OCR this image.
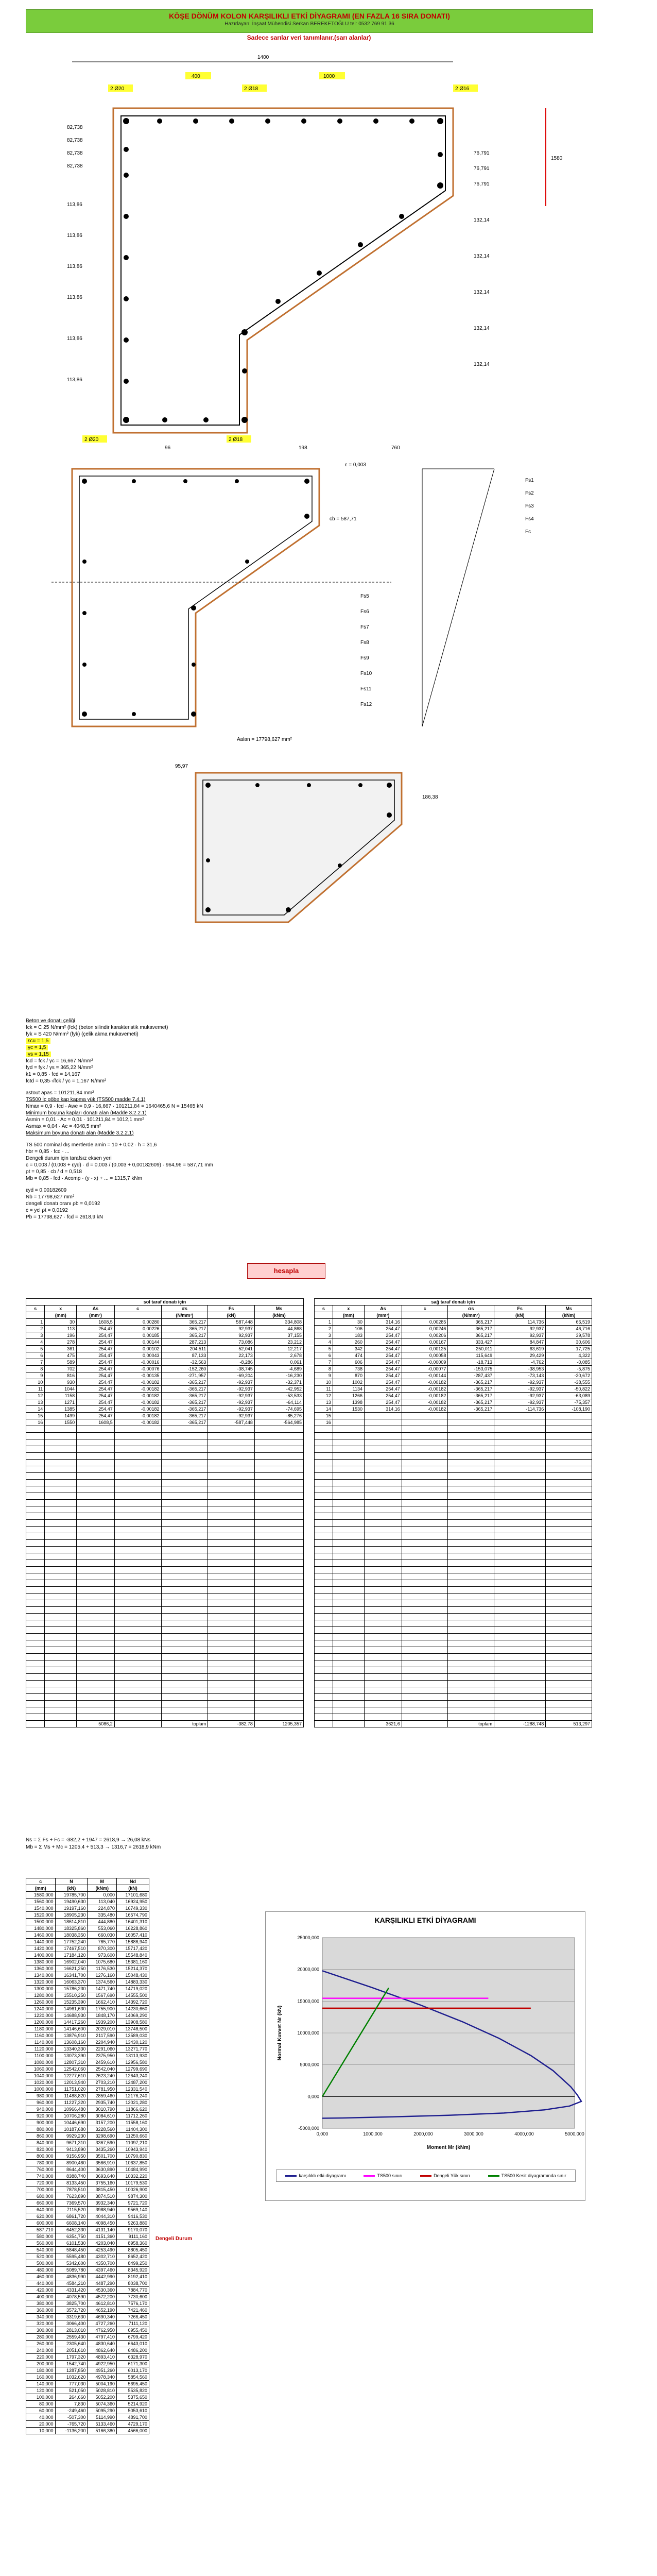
KÖŞE DÖNÜM KOLON KARŞILIKLI ETKİ DİYAGRAMI (EN FAZLA 16 SIRA DONATI)
Hazırlayan: İnşaat Mühendisi Serkan BEREKETOĞLU tel: 0532 769 91 36
Sadece sarılar veri tanımlanır.(sarı alanlar)
1400
400	1000
2 Ø20	2 Ø18	2 Ø16
82,738
82,738
82,738
82,738
113,86
113,86
113,86
113,86
113,86
113,86
76,791
76,791
76,791
132,14
132,14
132,14
132,14
132,14
1580
2 Ø20	2 Ø18
96	198	760
ε = 0,003
cb = 587,71
Fs1
Fs2
Fs3
Fs4
Fc
Fs5
Fs6
Fs7
Fs8
Fs9
Fs10
Fs11
Fs12
Aalan = 17798,627 mm²
95,97
186,38
Beton ve donatı çeliği
fck = C 25 N/mm² (fck) (beton silindir karakteristik mukavemet)
fyk = S 420 N/mm² (fyk) (çelik akma mukavemeti)
εcu = 1,5
γc = 1,5
γs = 1,15
fcd = fck / γc = 16,667 N/mm²
fyd = fyk / γs = 365,22 N/mm²
k1 = 0,85 · fcd = 14,167
fctd = 0,35·√fck / γc = 1,167 N/mm²
astout apas = 101211,84 mm²
TS500 İç göbe kap kapma yük (TS500 madde 7.4.1)
Nmax = 0,9 · fcd · Awe = 0,9 · 16,667 · 101211,84 = 1640465,6 N = 15465 kN
Minimum boyuna kapları donatı alan (Madde 3.2.2.1)
Asmin = 0,01 · Ac = 0,01 · 101211,84 = 1012,1 mm²
Asmax = 0,04 · Ac = 4048,5 mm²
Maksimum boyuna donatı alan (Madde 3.2.2.1)
TS 500 nominal dış mertlerde amin = 10 + 0,02 · h = 31,6
hbr = 0,85 · fcd · ...
Dengeli durum için tarafsız eksen yeri
c = 0,003 / (0,003 + εyd) · d = 0,003 / (0,003 + 0,00182609) · 964,96 = 587,71 mm
ρt = 0,85 · cb / d = 0,518
Mb = 0,85 · fcd · Acomp · (y - x) + ... = 1315,7 kNm
εyd = 0,00182609
Nb = 17798,627 mm²
dengeli donatı oranı ρb = 0,0192
c = ycl ρt = 0,0192
Pb = 17798,627 · fcd = 2618,9 kN
hesapla
sol taraf donatı için						
s	x	As	c	σs	Fs	Ms
	(mm)	(mm²)		(N/mm²)	(kN)	(kNm)
1	30	1608,5	0,00280	365,217	587,448	334,808
2	113	254,47	0,00226	365,217	92,937	44,868
3	196	254,47	0,00185	365,217	92,937	37,155
4	278	254,47	0,00144	287,213	73,086	23,212
5	361	254,47	0,00102	204,511	52,041	12,217
6	475	254,47	0,00043	87,133	22,173	2,678
7	589	254,47	-0,00016	-32,563	-8,286	0,061
8	702	254,47	-0,00076	-152,260	-38,745	-4,689
9	816	254,47	-0,00135	-271,957	-69,204	-16,230
10	930	254,47	-0,00182	-365,217	-92,937	-32,371
11	1044	254,47	-0,00182	-365,217	-92,937	-42,952
12	1158	254,47	-0,00182	-365,217	-92,937	-53,533
13	1271	254,47	-0,00182	-365,217	-92,937	-64,114
14	1385	254,47	-0,00182	-365,217	-92,937	-74,695
15	1499	254,47	-0,00182	-365,217	-92,937	-85,276
16	1550	1608,5	-0,00182	-365,217	-587,448	-564,985

		5086,2		toplam	-382,78	1205,357
sağ taraf donatı için						
s	x	As	c	σs	Fs	Ms
	(mm)	(mm²)		(N/mm²)	(kN)	(kNm)
1	30	314,16	0,00285	365,217	114,736	66,519
2	106	254,47	0,00246	365,217	92,937	46,716
3	183	254,47	0,00206	365,217	92,937	39,578
4	260	254,47	0,00167	333,427	84,847	30,606
5	342	254,47	0,00125	250,011	63,619	17,725
6	474	254,47	0,00058	115,649	29,429	4,322
7	606	254,47	-0,00009	-18,713	-4,762	-0,085
8	738	254,47	-0,00077	-153,075	-38,953	-5,875
9	870	254,47	-0,00144	-287,437	-73,143	-20,672
10	1002	254,47	-0,00182	-365,217	-92,937	-38,555
11	1134	254,47	-0,00182	-365,217	-92,937	-50,822
12	1266	254,47	-0,00182	-365,217	-92,937	-63,089
13	1398	254,47	-0,00182	-365,217	-92,937	-75,357
14	1530	314,16	-0,00182	-365,217	-114,736	-108,190
15						
16						

		3621,6		toplam	-1288,748	513,297
Ns = Σ Fs + Fc = -382,2 + 1947 = 2618,9 → 26,08 kNs
Mb = Σ Ms + Mc = 1205,4 + 513,3 → 1316,7 = 2618,9 kNm
c	N	M	Nd
(mm)	(kN)	(kNm)	(kN)
1580,000	19785,700	0,000	17101,680
1560,000	19490,630	113,040	16924,950
1540,000	19197,160	224,870	16749,330
1520,000	18905,230	335,480	16574,790
1500,000	18614,810	444,880	16401,310
1480,000	18325,860	553,060	16228,860
1460,000	18038,350	660,030	16057,410
1440,000	17752,240	765,770	15886,940
1420,000	17467,510	870,300	15717,420
1400,000	17184,120	973,600	15548,840
1380,000	16902,040	1075,680	15381,160
1360,000	16621,250	1176,530	15214,370
1340,000	16341,700	1276,160	15048,430
1320,000	16063,370	1374,560	14883,330
1300,000	15786,230	1471,740	14719,020
1280,000	15510,250	1567,690	14555,500
1260,000	15235,390	1662,410	14392,720
1240,000	14961,630	1755,900	14230,660
1220,000	14688,930	1848,170	14069,290
1200,000	14417,260	1939,200	13908,580
1180,000	14146,600	2029,010	13748,500
1160,000	13876,910	2117,590	13589,030
1140,000	13608,160	2204,940	13430,120
1120,000	13340,330	2291,060	13271,770
1100,000	13073,390	2375,950	13113,930
1080,000	12807,310	2459,610	12956,580
1060,000	12542,060	2542,040	12799,690
1040,000	12277,610	2623,240	12643,240
1020,000	12013,940	2703,210	12487,200
1000,000	11751,020	2781,950	12331,540
980,000	11488,820	2859,460	12176,240
960,000	11227,320	2935,740	12021,280
940,000	10966,480	3010,790	11866,620
920,000	10706,280	3084,610	11712,260
900,000	10446,690	3157,200	11558,160
880,000	10187,680	3228,560	11404,300
860,000	9929,230	3298,690	11250,660
840,000	9671,310	3367,590	11097,210
820,000	9413,890	3435,260	10943,940
800,000	9156,950	3501,700	10790,830
780,000	8900,460	3566,910	10637,850
760,000	8644,400	3630,890	10484,990
740,000	8388,740	3693,640	10332,220
720,000	8133,450	3755,160	10179,530
700,000	7878,510	3815,450	10026,900
680,000	7623,890	3874,510	9874,300
660,000	7369,570	3932,340	9721,720
640,000	7115,520	3988,940	9569,140
620,000	6861,720	4044,310	9416,530
600,000	6608,140	4098,450	9263,880
587,710	6452,330	4131,140	9170,070
580,000	6354,750	4151,360	9111,160
560,000	6101,530	4203,040	8958,360
540,000	5848,450	4253,490	8805,450
520,000	5595,480	4302,710	8652,420
500,000	5342,600	4350,700	8499,250
480,000	5089,780	4397,460	8345,920
460,000	4836,990	4442,990	8192,410
440,000	4584,210	4487,290	8038,700
420,000	4331,420	4530,360	7884,770
400,000	4078,590	4572,200	7730,600
380,000	3825,700	4612,810	7576,170
360,000	3572,720	4652,190	7421,460
340,000	3319,630	4690,340	7266,450
320,000	3066,400	4727,260	7111,120
300,000	2813,010	4762,950	6955,450
280,000	2559,430	4797,410	6799,420
260,000	2305,640	4830,640	6643,010
240,000	2051,610	4862,640	6486,200
220,000	1797,320	4893,410	6328,970
200,000	1542,740	4922,950	6171,300
180,000	1287,850	4951,260	6013,170
160,000	1032,620	4978,340	5854,560
140,000	777,030	5004,190	5695,450
120,000	521,050	5028,810	5535,820
100,000	264,660	5052,200	5375,650
80,000	7,830	5074,360	5214,920
60,000	-249,460	5095,290	5053,610
40,000	-507,300	5114,990	4891,700
20,000	-765,720	5133,460	4729,170
10,000	-1136,200	5166,380	4566,000
Dengeli Durum
KARŞILIKLI ETKİ DİYAGRAMI
-5000,000
0,000
5000,000
10000,000
15000,000
20000,000
25000,000
0,000	1000,000	2000,000	3000,000	4000,000	5000,000
Moment Mr (kNm)
Normal Kuvvet Nr (kN)
karşılıklı etki diyagramı	TS500 sınırı	Dengeli Yük sınırı	TS500 Kesit diyagramında sınır
